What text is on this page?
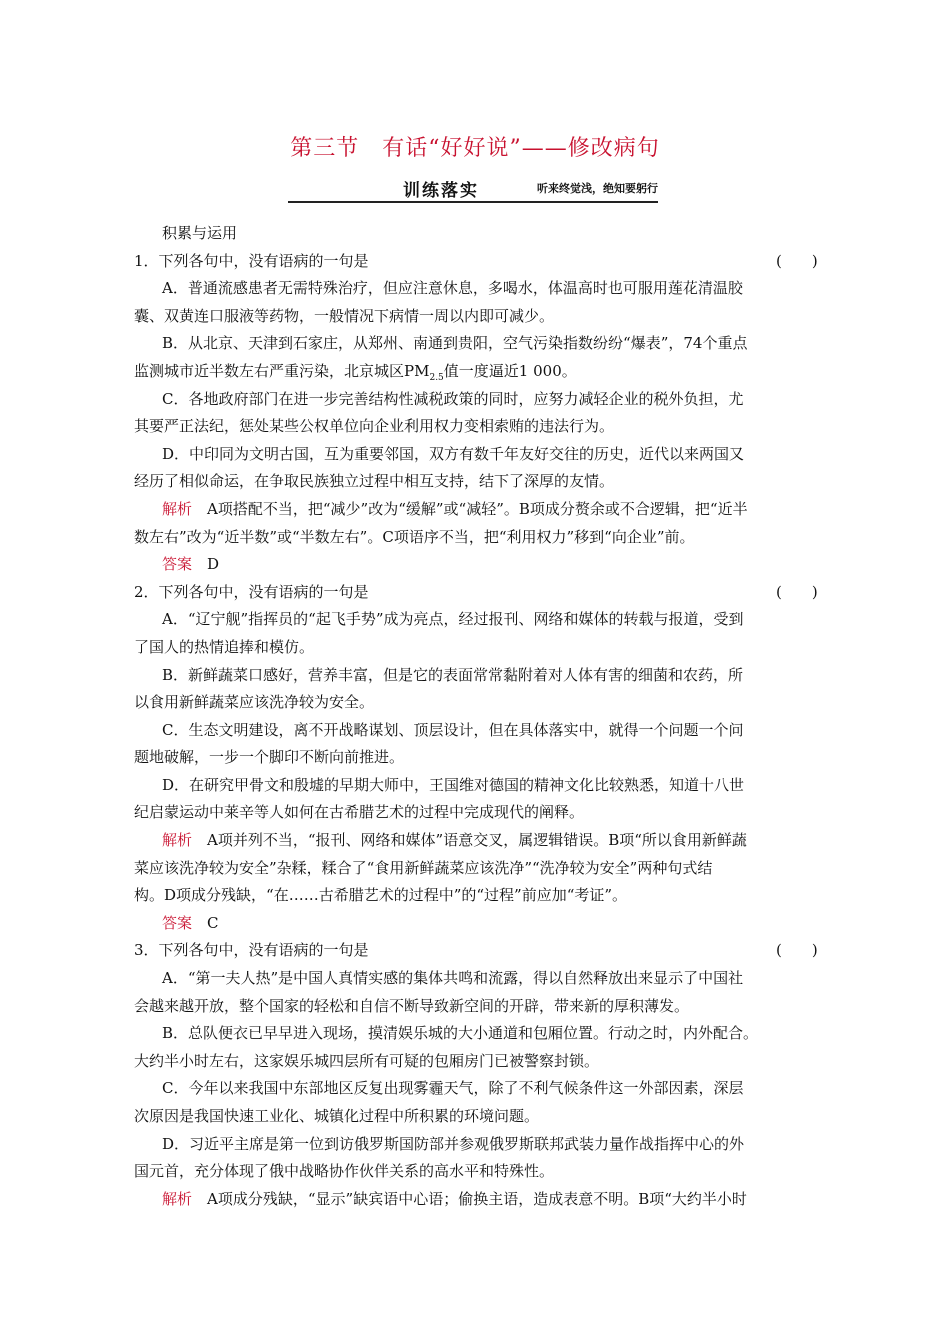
第三节　有话“好好说”——修改病句
训练落实	听来终觉浅，绝知要躬行
积累与运用
1．下列各句中，没有语病的一句是	(　　)
A．普通流感患者无需特殊治疗，但应注意休息，多喝水，体温高时也可服用莲花清温胶
囊、双黄连口服液等药物，一般情况下病情一周以内即可减少。
B．从北京、天津到石家庄，从郑州、南通到贵阳，空气污染指数纷纷“爆表”，74个重点
监测城市近半数左右严重污染，北京城区$PM_{2.5}$值一度逼近1 000。
C．各地政府部门在进一步完善结构性减税政策的同时，应努力减轻企业的税外负担，尤
其要严正法纪，惩处某些公权单位向企业利用权力变相索贿的违法行为。
D．中印同为文明古国，互为重要邻国，双方有数千年友好交往的历史，近代以来两国又
经历了相似命运，在争取民族独立过程中相互支持，结下了深厚的友情。
解析　 A项搭配不当，把“减少”改为“缓解”或“减轻”。B项成分赘余或不合逻辑，把“近半
数左右”改为“近半数”或“半数左右”。C项语序不当，把“利用权力”移到“向企业”前。
答案　 D
2．下列各句中，没有语病的一句是	(　　)
A．“辽宁舰”指挥员的“起飞手势”成为亮点，经过报刊、网络和媒体的转载与报道，受到
了国人的热情追捧和模仿。
B．新鲜蔬菜口感好，营养丰富，但是它的表面常常黏附着对人体有害的细菌和农药，所
以食用新鲜蔬菜应该洗净较为安全。
C．生态文明建设，离不开战略谋划、顶层设计，但在具体落实中，就得一个问题一个问
题地破解，一步一个脚印不断向前推进。
D．在研究甲骨文和殷墟的早期大师中，王国维对德国的精神文化比较熟悉，知道十八世
纪启蒙运动中莱辛等人如何在古希腊艺术的过程中完成现代的阐释。
解析　 A项并列不当，“报刊、网络和媒体”语意交叉，属逻辑错误。B项“所以食用新鲜蔬
菜应该洗净较为安全”杂糅，糅合了“食用新鲜蔬菜应该洗净”“洗净较为安全”两种句式结
构。D项成分残缺，“在……古希腊艺术的过程中”的“过程”前应加“考证”。
答案　 C
3．下列各句中，没有语病的一句是	(　　)
A．“第一夫人热”是中国人真情实感的集体共鸣和流露，得以自然释放出来显示了中国社
会越来越开放，整个国家的轻松和自信不断导致新空间的开辟，带来新的厚积薄发。
B．总队便衣已早早进入现场，摸清娱乐城的大小通道和包厢位置。行动之时，内外配合。
大约半小时左右，这家娱乐城四层所有可疑的包厢房门已被警察封锁。
C．今年以来我国中东部地区反复出现雾霾天气，除了不利气候条件这一外部因素，深层
次原因是我国快速工业化、城镇化过程中所积累的环境问题。
D．习近平主席是第一位到访俄罗斯国防部并参观俄罗斯联邦武装力量作战指挥中心的外
国元首，充分体现了俄中战略协作伙伴关系的高水平和特殊性。
解析　 A项成分残缺，“显示”缺宾语中心语；偷换主语，造成表意不明。B项“大约半小时
